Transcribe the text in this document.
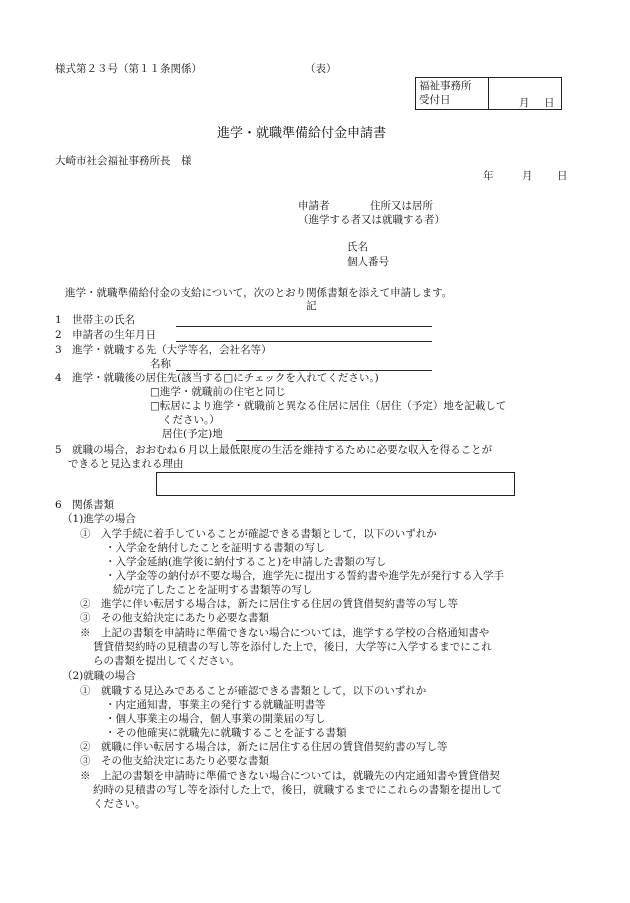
様式第２３号（第１１条関係）	（表）
福祉事務所
受付日	月 日
進学・就職準備給付金申請書
大崎市社会福祉事務所長　様
年	月 日
申請者	住所又は居所
（進学する者又は就職する者）
氏名
個人番号
進学・就職準備給付金の支給について，次のとおり関係書類を添えて申請します。
記
1　世帯主の氏名
2　申請者の生年月日
3　進学・就職する先（大学等名，会社名等）
名称
4　進学・就職後の居住先(該当する□にチェックを入れてください。)
□進学・就職前の住宅と同じ
□転居により進学・就職前と異なる住居に居住（居住（予定）地を記載して
ください。）
居住(予定)地
5　就職の場合，おおむね６月以上最低限度の生活を維持するために必要な収入を得ることが
できると見込まれる理由
6　関係書類
（1)進学の場合
①　入学手続に着手していることが確認できる書類として，以下のいずれか
・入学金を納付したことを証明する書類の写し
・入学金延納(進学後に納付すること)を申請した書類の写し
・入学金等の納付が不要な場合，進学先に提出する誓約書や進学先が発行する入学手
続が完了したことを証明する書類等の写し
②　進学に伴い転居する場合は，新たに居住する住居の賃貸借契約書等の写し等
③　その他支給決定にあたり必要な書類
※　上記の書類を申請時に準備できない場合については，進学する学校の合格通知書や
賃貸借契約時の見積書の写し等を添付した上で，後日，大学等に入学するまでにこれ
らの書類を提出してください。
（2)就職の場合
①　就職する見込みであることが確認できる書類として，以下のいずれか
・内定通知書，事業主の発行する就職証明書等
・個人事業主の場合，個人事業の開業届の写し
・その他確実に就職先に就職することを証する書類
②　就職に伴い転居する場合は，新たに居住する住居の賃貸借契約書の写し等
③　その他支給決定にあたり必要な書類
※　上記の書類を申請時に準備できない場合については，就職先の内定通知書や賃貸借契
約時の見積書の写し等を添付した上で，後日，就職するまでにこれらの書類を提出して
ください。
